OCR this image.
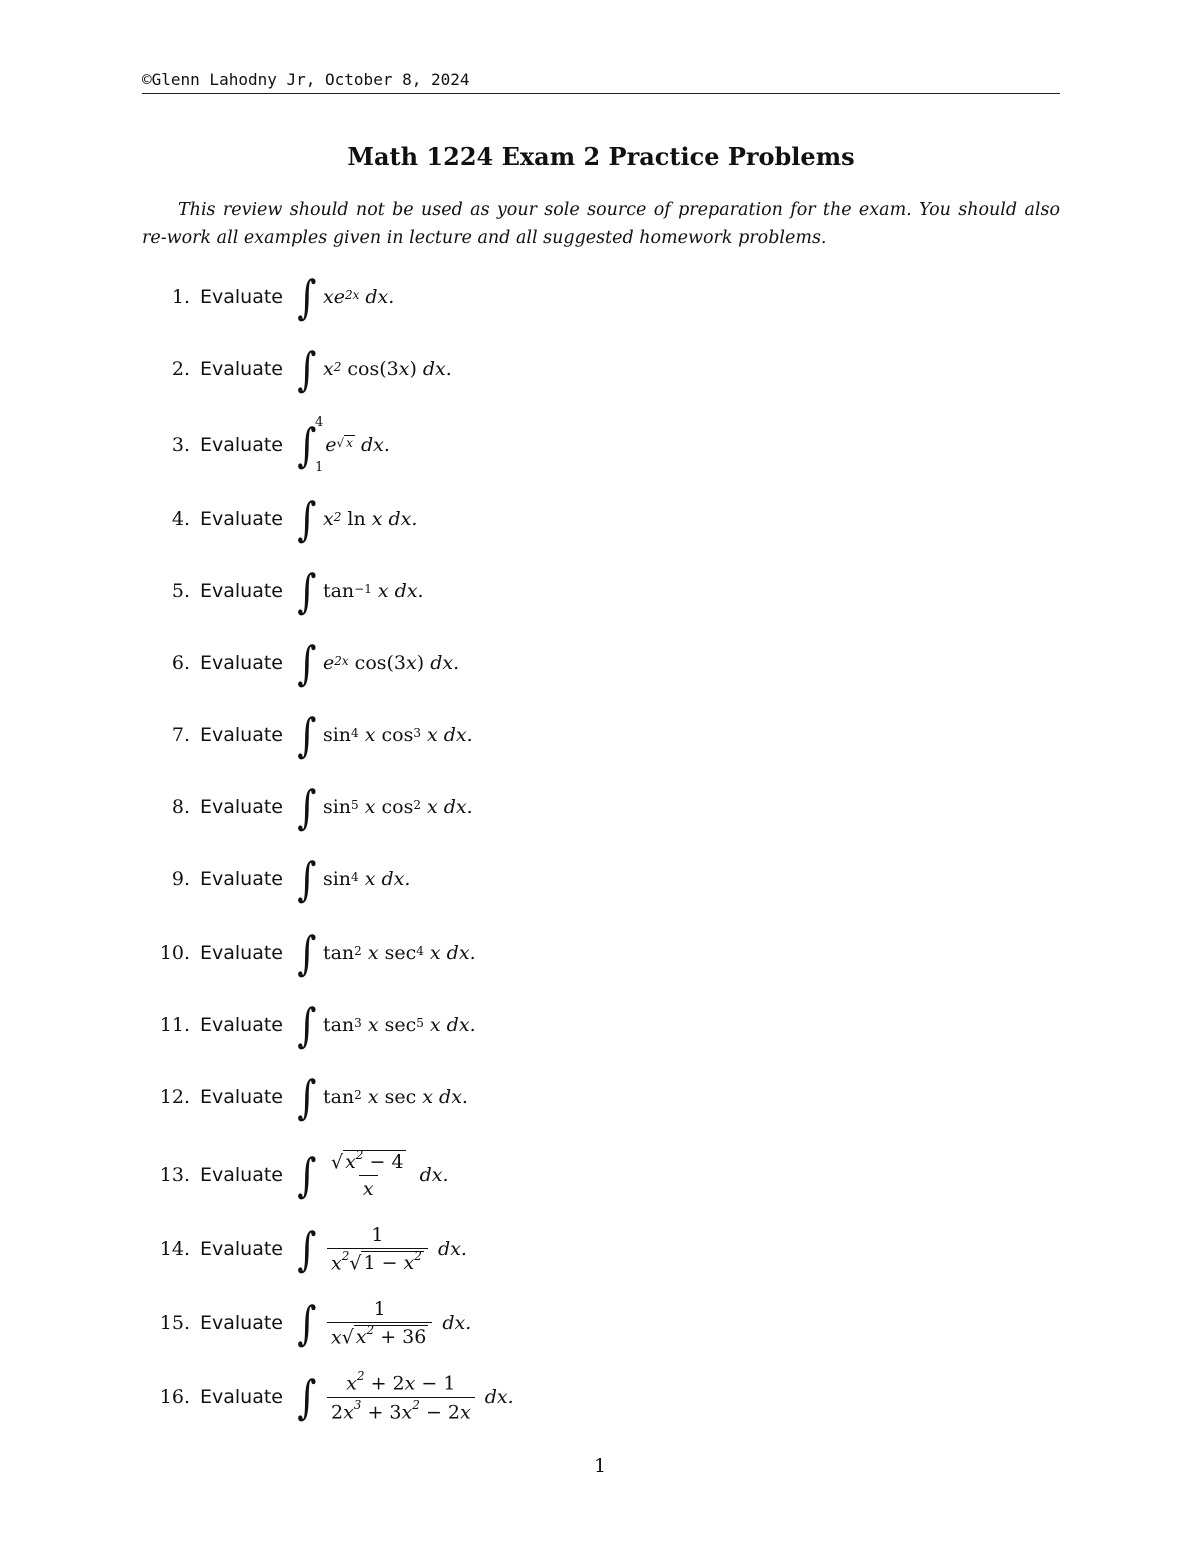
©Glenn Lahodny Jr, October 8, 2024
Math 1224 Exam 2 Practice Problems
This review should not be used as your sole source of preparation for the exam. You should also re-work all examples given in lecture and all suggested homework problems.
1. Evaluate ∫ x $e^{2x}$ dx.
2. Evaluate ∫ $x^2$
cos(3 x ) dx.
3. Evaluate ∫
4
1
e $^{√ x}$ dx.
4. Evaluate ∫ $x^2$
ln x dx.
5. Evaluate ∫ $\tan^{-1} x$ dx.
6. Evaluate ∫ $e^{2x}$
cos(3 x ) dx.
7. Evaluate ∫ $\sin^4 x$ $\cos^3 x$ dx.
8. Evaluate ∫ $\sin^5 x$ $\cos^2 x$ dx.
9. Evaluate ∫ $\sin^4 x$ dx.
10. Evaluate ∫ $\tan^2 x$ $\sec^4 x$ dx.
11. Evaluate ∫ $\tan^3 x$ $\sec^5 x$ dx.
12. Evaluate ∫ $\tan^2 x$ sec x dx.
13. Evaluate ∫ $\frac{√ x^2 - 4}{x}$ dx.
14. Evaluate ∫ $\frac{1}{x^2√ 1 - x^2}$ dx.
15. Evaluate ∫ $\frac{1}{x√ x^2 + 36}$ dx.
16. Evaluate ∫ $\frac{x^2 + 2x - 1}{2x^3 + 3x^2 - 2x}$ dx.
1
